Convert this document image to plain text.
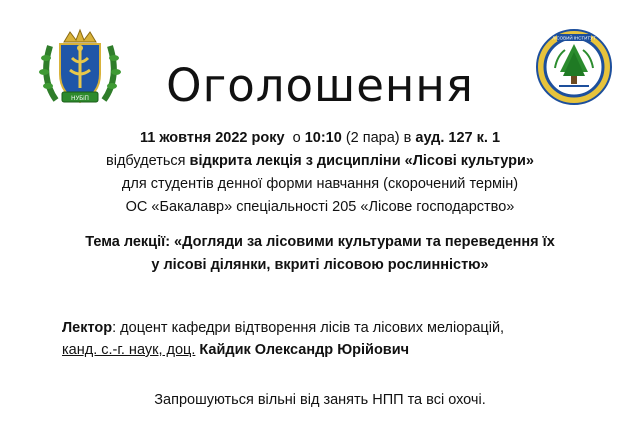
НУБіП
ЛІСОВИЙ ІНСТИТУТ
Оголошення

11 жовтня 2022 року о 10:10 (2 пара) в ауд. 127 к. 1

відбудеться відкрита лекція з дисципліни «Лісові культури»

для студентів денної форми навчання (скорочений термін)

ОС «Бакалавр» спеціальності 205 «Лісове господарство»

Тема лекції: «Догляди за лісовими культурами та переведення їх

у лісові ділянки, вкриті лісовою рослинністю»

Лектор: доцент кафедри відтворення лісів та лісових меліорацій,

канд. с.-г. наук, доц. Кайдик Олександр Юрійович

Запрошуються вільні від занять НПП та всі охочі.
